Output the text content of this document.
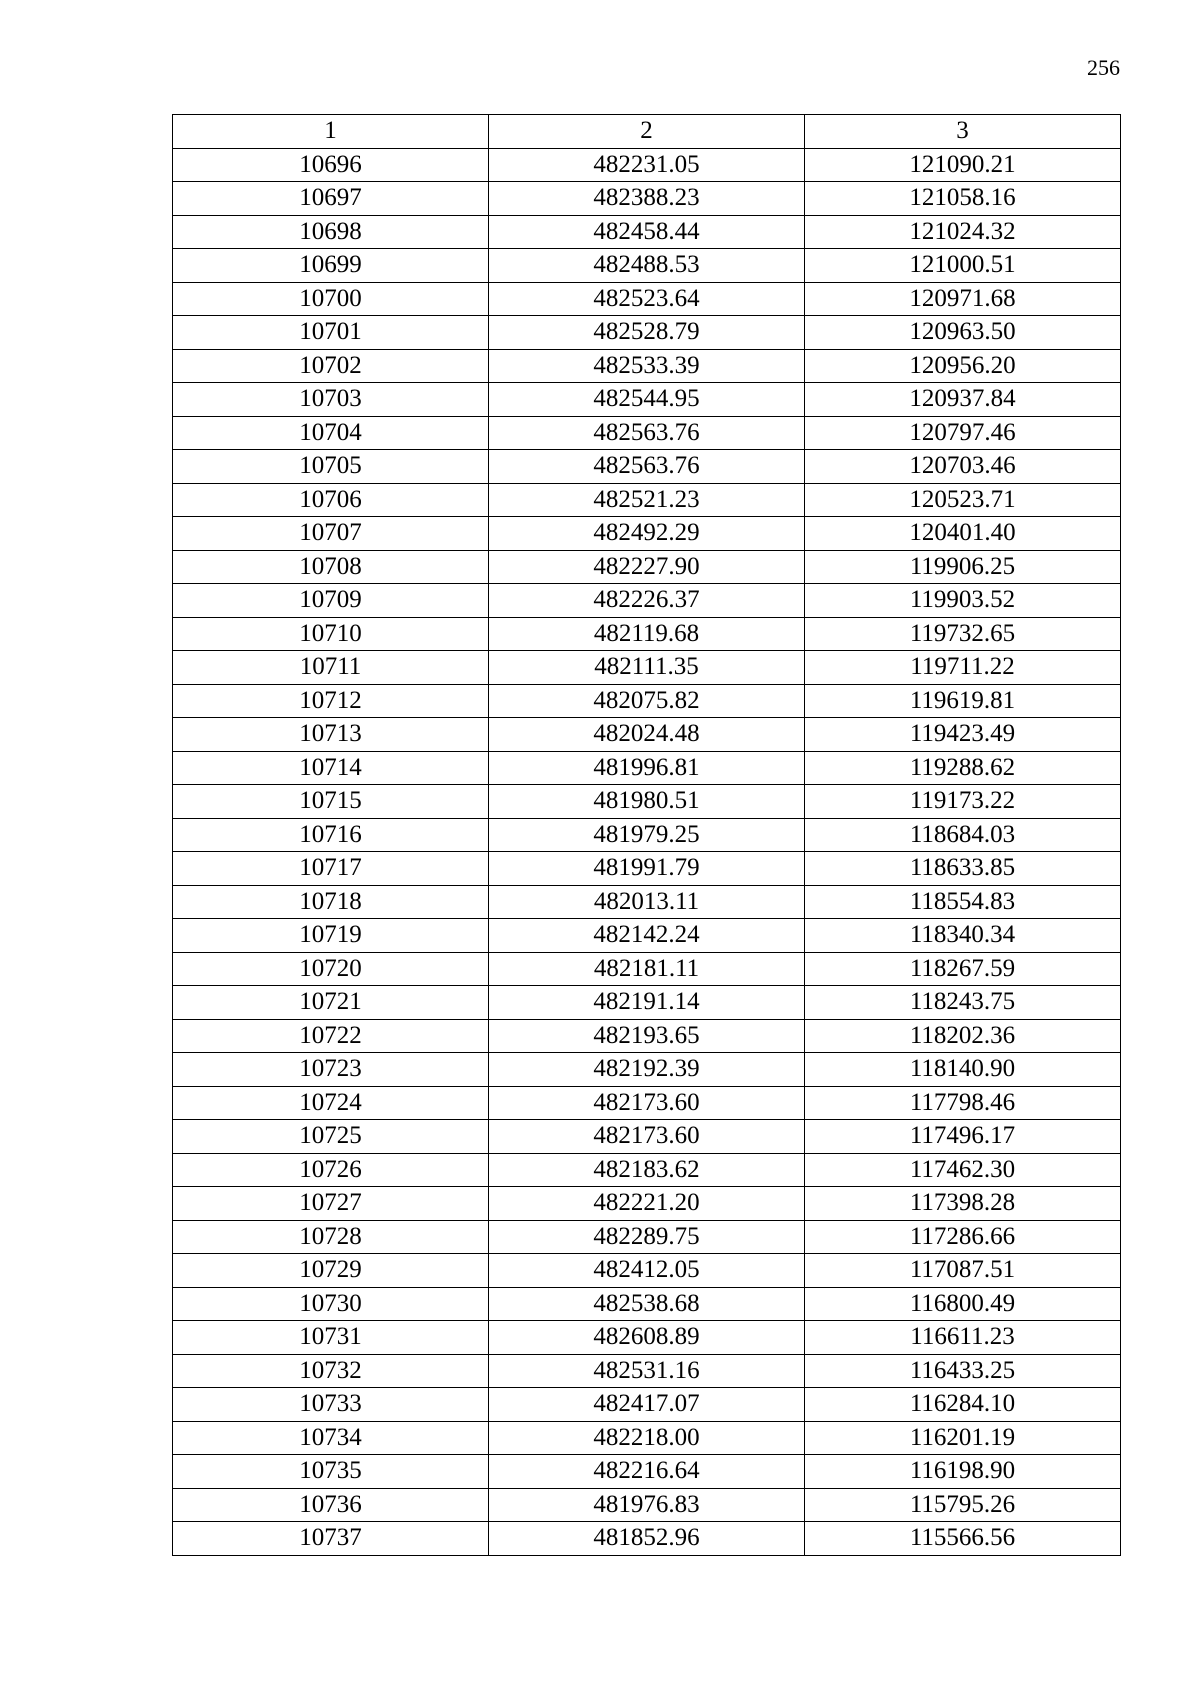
256
1	2	3
10696	482231.05	121090.21
10697	482388.23	121058.16
10698	482458.44	121024.32
10699	482488.53	121000.51
10700	482523.64	120971.68
10701	482528.79	120963.50
10702	482533.39	120956.20
10703	482544.95	120937.84
10704	482563.76	120797.46
10705	482563.76	120703.46
10706	482521.23	120523.71
10707	482492.29	120401.40
10708	482227.90	119906.25
10709	482226.37	119903.52
10710	482119.68	119732.65
10711	482111.35	119711.22
10712	482075.82	119619.81
10713	482024.48	119423.49
10714	481996.81	119288.62
10715	481980.51	119173.22
10716	481979.25	118684.03
10717	481991.79	118633.85
10718	482013.11	118554.83
10719	482142.24	118340.34
10720	482181.11	118267.59
10721	482191.14	118243.75
10722	482193.65	118202.36
10723	482192.39	118140.90
10724	482173.60	117798.46
10725	482173.60	117496.17
10726	482183.62	117462.30
10727	482221.20	117398.28
10728	482289.75	117286.66
10729	482412.05	117087.51
10730	482538.68	116800.49
10731	482608.89	116611.23
10732	482531.16	116433.25
10733	482417.07	116284.10
10734	482218.00	116201.19
10735	482216.64	116198.90
10736	481976.83	115795.26
10737	481852.96	115566.56
